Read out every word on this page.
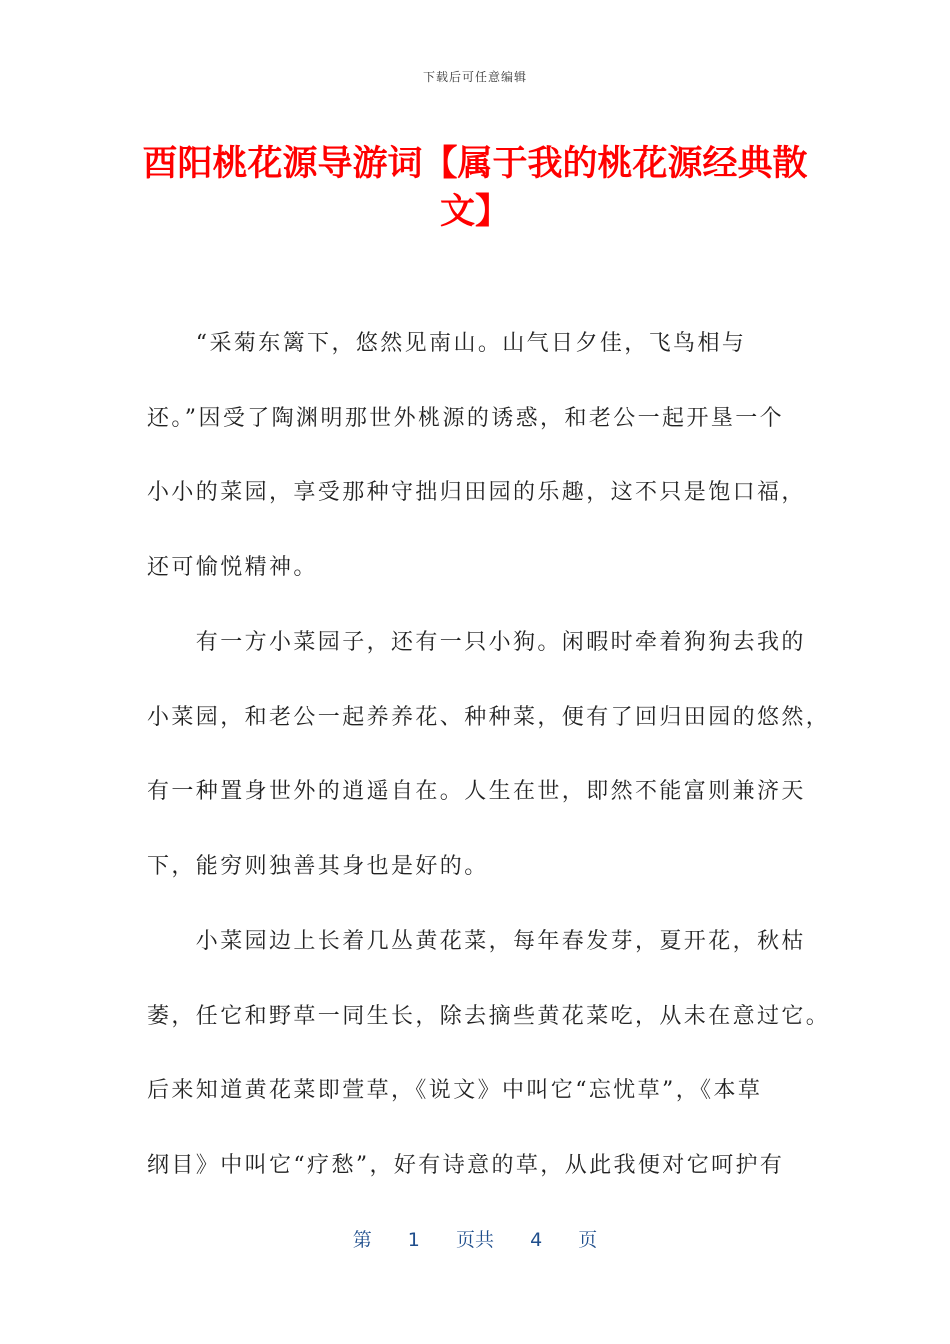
下载后可任意编辑
酉阳桃花源导游词【属于我的桃花源经典散文】
　　“采菊东篱下，悠然见南山。山气日夕佳，飞鸟相与
还。”因受了陶渊明那世外桃源的诱惑，和老公一起开垦一个
小小的菜园，享受那种守拙归田园的乐趣，这不只是饱口福，
还可愉悦精神。
　　有一方小菜园子，还有一只小狗。闲暇时牵着狗狗去我的
小菜园，和老公一起养养花、种种菜，便有了回归田园的悠然，
有一种置身世外的逍遥自在。人生在世，即然不能富则兼济天
下，能穷则独善其身也是好的。
　　小菜园边上长着几丛黄花菜，每年春发芽，夏开花，秋枯
萎，任它和野草一同生长，除去摘些黄花菜吃，从未在意过它。
后来知道黄花菜即萱草，《说文》中叫它“忘忧草”，《本草
纲目》中叫它“疗愁”，好有诗意的草，从此我便对它呵护有
第 1 页共 4 页
